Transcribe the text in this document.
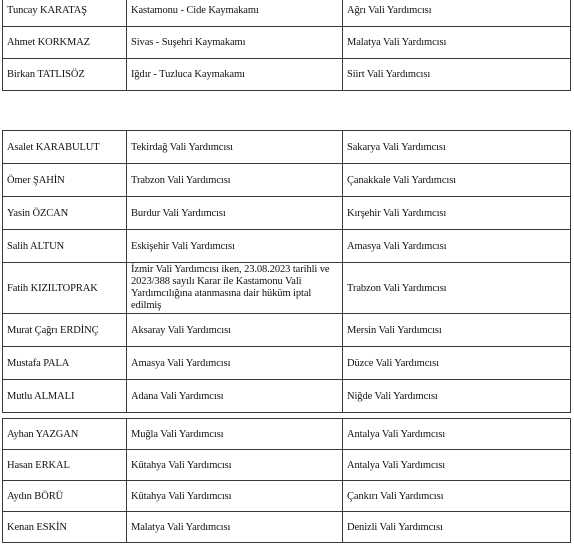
Tuncay KARATAŞ	Kastamonu - Cide Kaymakamı	Ağrı Vali Yardımcısı
Ahmet KORKMAZ	Sivas - Suşehri Kaymakamı	Malatya Vali Yardımcısı
Birkan TATLISÖZ	Iğdır - Tuzluca Kaymakamı	Siirt Vali Yardımcısı
Asalet KARABULUT	Tekirdağ Vali Yardımcısı	Sakarya Vali Yardımcısı
Ömer ŞAHİN	Trabzon Vali Yardımcısı	Çanakkale Vali Yardımcısı
Yasin ÖZCAN	Burdur Vali Yardımcısı	Kırşehir Vali Yardımcısı
Salih ALTUN	Eskişehir Vali Yardımcısı	Amasya Vali Yardımcısı
Fatih KIZILTOPRAK	İzmir Vali Yardımcısı iken, 23.08.2023 tarihli ve 2023/388 sayılı Karar ile Kastamonu Vali Yardımcılığına atanmasına dair hüküm iptal edilmiş	Trabzon Vali Yardımcısı
Murat Çağrı ERDİNÇ	Aksaray Vali Yardımcısı	Mersin Vali Yardımcısı
Mustafa PALA	Amasya Vali Yardımcısı	Düzce Vali Yardımcısı
Mutlu ALMALI	Adana Vali Yardımcısı	Niğde Vali Yardımcısı
Ayhan YAZGAN	Muğla Vali Yardımcısı	Antalya Vali Yardımcısı
Hasan ERKAL	Kütahya Vali Yardımcısı	Antalya Vali Yardımcısı
Aydın BÖRÜ	Kütahya Vali Yardımcısı	Çankırı Vali Yardımcısı
Kenan ESKİN	Malatya Vali Yardımcısı	Denizli Vali Yardımcısı
